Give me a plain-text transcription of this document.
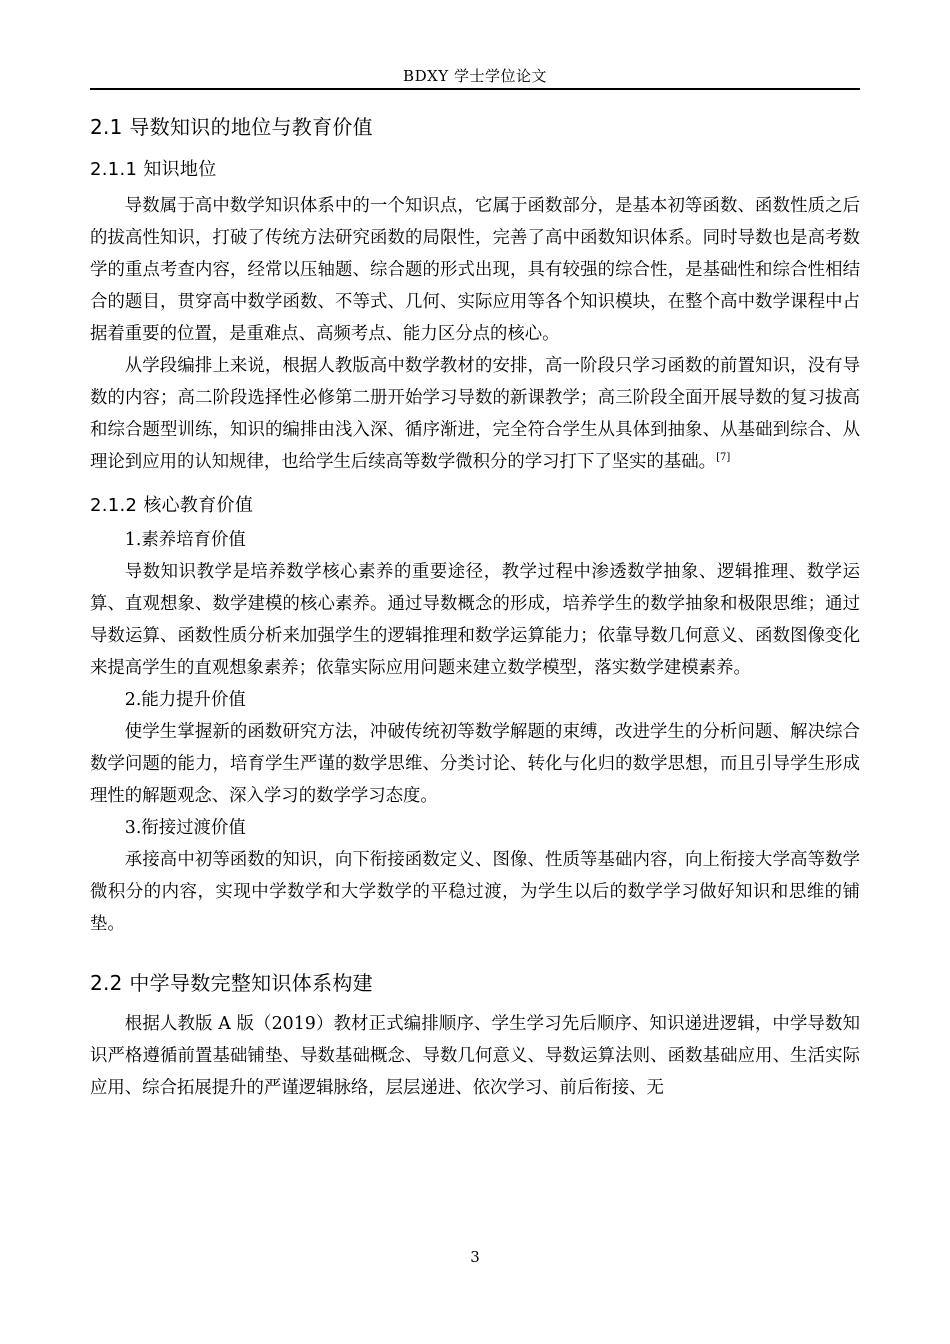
BDXY 学士学位论文
2.1 导数知识的地位与教育价值
2.1.1 知识地位

导数属于高中数学知识体系中的一个知识点，它属于函数部分，是基本初等函数、函数性质之后的拔高性知识，打破了传统方法研究函数的局限性，完善了高中函数知识体系。同时导数也是高考数学的重点考查内容，经常以压轴题、综合题的形式出现，具有较强的综合性，是基础性和综合性相结合的题目，贯穿高中数学函数、不等式、几何、实际应用等各个知识模块，在整个高中数学课程中占据着重要的位置，是重难点、高频考点、能力区分点的核心。

从学段编排上来说，根据人教版高中数学教材的安排，高一阶段只学习函数的前置知识，没有导数的内容；高二阶段选择性必修第二册开始学习导数的新课教学；高三阶段全面开展导数的复习拔高和综合题型训练，知识的编排由浅入深、循序渐进，完全符合学生从具体到抽象、从基础到综合、从理论到应用的认知规律，也给学生后续高等数学微积分的学习打下了坚实的基础。[7]

2.1.2 核心教育价值

1.素养培育价值

导数知识教学是培养数学核心素养的重要途径，教学过程中渗透数学抽象、逻辑推理、数学运算、直观想象、数学建模的核心素养。通过导数概念的形成，培养学生的数学抽象和极限思维；通过导数运算、函数性质分析来加强学生的逻辑推理和数学运算能力；依靠导数几何意义、函数图像变化来提高学生的直观想象素养；依靠实际应用问题来建立数学模型，落实数学建模素养。

2.能力提升价值

使学生掌握新的函数研究方法，冲破传统初等数学解题的束缚，改进学生的分析问题、解决综合数学问题的能力，培育学生严谨的数学思维、分类讨论、转化与化归的数学思想，而且引导学生形成理性的解题观念、深入学习的数学学习态度。

3.衔接过渡价值

承接高中初等函数的知识，向下衔接函数定义、图像、性质等基础内容，向上衔接大学高等数学微积分的内容，实现中学数学和大学数学的平稳过渡，为学生以后的数学学习做好知识和思维的铺垫。

2.2 中学导数完整知识体系构建

根据人教版 A 版（2019）教材正式编排顺序、学生学习先后顺序、知识递进逻辑，中学导数知识严格遵循前置基础铺垫、导数基础概念、导数几何意义、导数运算法则、函数基础应用、生活实际应用、综合拓展提升的严谨逻辑脉络，层层递进、依次学习、前后衔接、无

3
